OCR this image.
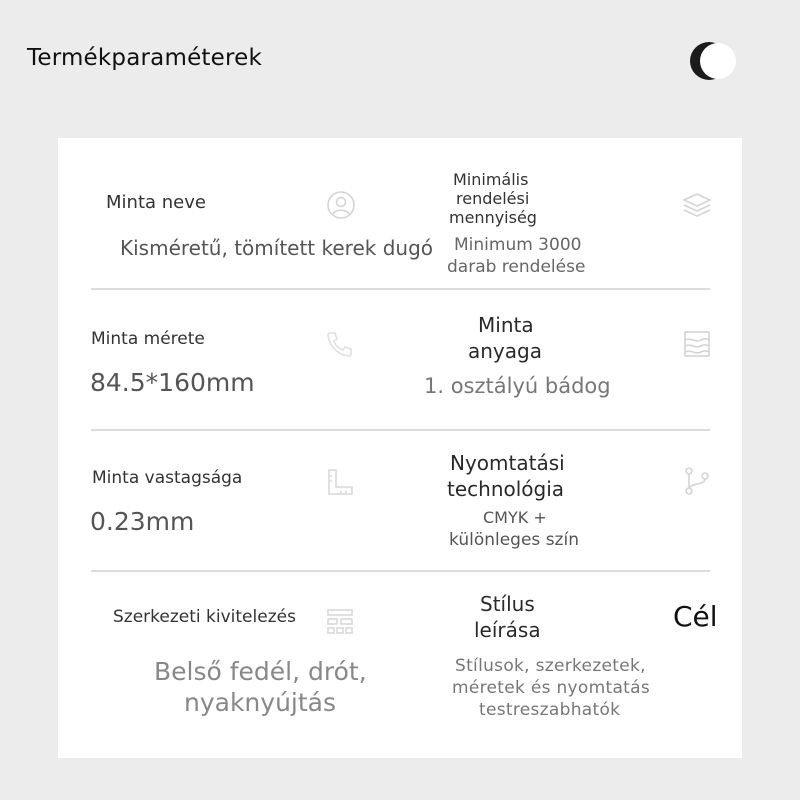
Termékparaméterek
Minta neve
Kisméretű, tömített kerek dugó
Minimális
rendelési
mennyiség
Minimum 3000
darab rendelése
Minta mérete
84.5*160mm
Minta
anyaga
1. osztályú bádog
Minta vastagsága
0.23mm
Nyomtatási
technológia
CMYK +
különleges szín
Szerkezeti kivitelezés
Belső fedél, drót,
nyaknyújtás
Stílus
leírása
Stílusok, szerkezetek,
méretek és nyomtatás
testreszabhatók
Cél
